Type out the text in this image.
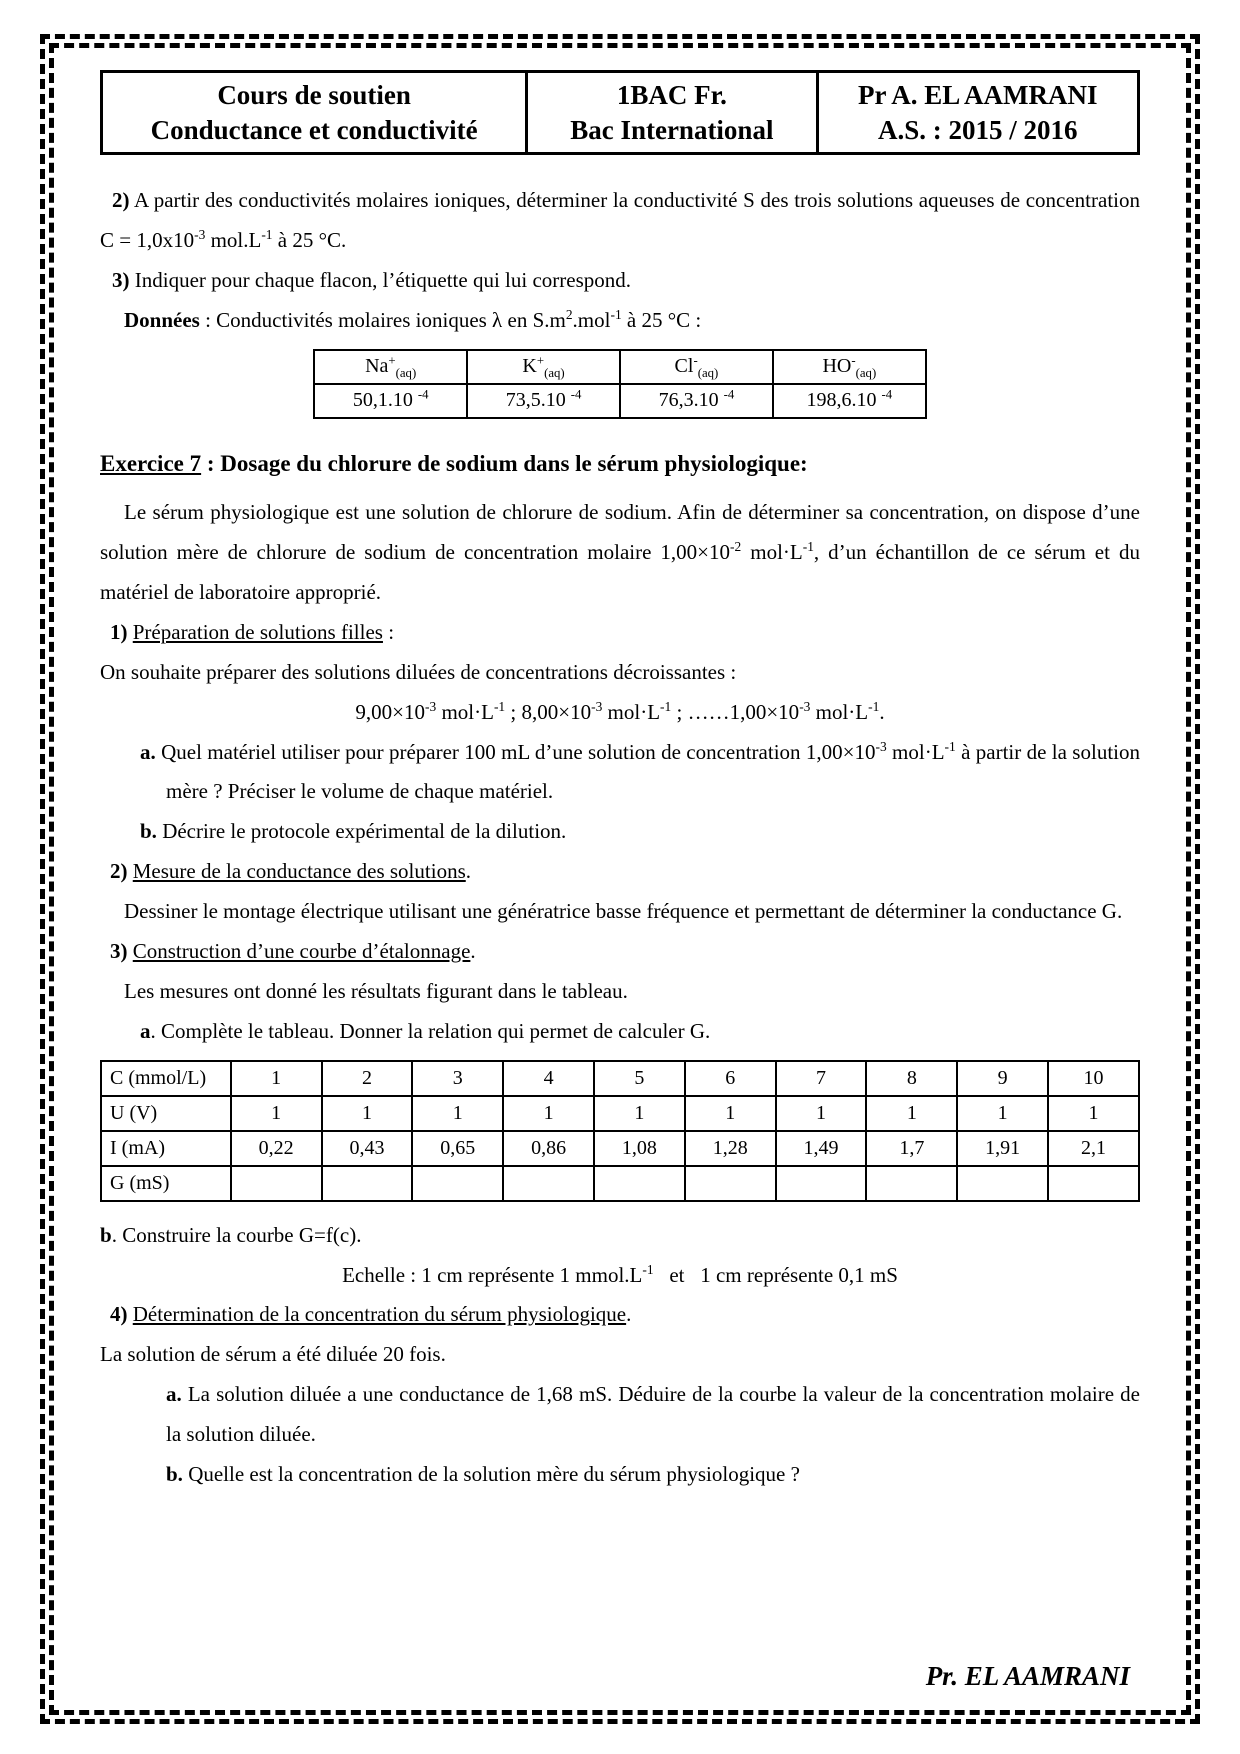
Cours de soutien
Conductance et conductivité

1BAC Fr.
Bac International

Pr A. EL AAMRANI
A.S. : 2015 / 2016

2) A partir des conductivités molaires ioniques, déterminer la conductivité S des trois solutions aqueuses de concentration $C = 1,0x10^{-3}$ $mol.L^{-1}$ à 25 °C.

3) Indiquer pour chaque flacon, l’étiquette qui lui correspond.

Données : Conductivités molaires ioniques λ en $S.m^2.mol^{-1}$ à 25 °C :

$Na^+_{(aq)}$	$K^+_{(aq)}$	$Cl^-_{(aq)}$	$HO^-_{(aq)}$
50,1.10 $^{-4}$	73,5.10 $^{-4}$	76,3.10 $^{-4}$	198,6.10 $^{-4}$

Exercice 7 : Dosage du chlorure de sodium dans le sérum physiologique:

Le sérum physiologique est une solution de chlorure de sodium. Afin de déterminer sa concentration, on dispose d’une solution mère de chlorure de sodium de concentration molaire $1,00\times 10^{-2}$ $mol\cdot L^{-1}$, d’un échantillon de ce sérum et du matériel de laboratoire approprié.

1) Préparation de solutions filles :

On souhaite préparer des solutions diluées de concentrations décroissantes :

$9,00\times 10^{-3}$ $mol\cdot L^{-1}$ ; $8,00\times 10^{-3}$ $mol\cdot L^{-1}$ ; $\dots\dots 1,00\times 10^{-3}$ $mol\cdot L^{-1}$.

a. Quel matériel utiliser pour préparer 100 mL d’une solution de concentration $1,00\times 10^{-3}$ $mol\cdot L^{-1}$ à partir de la solution mère ? Préciser le volume de chaque matériel.

b. Décrire le protocole expérimental de la dilution.

2) Mesure de la conductance des solutions.

Dessiner le montage électrique utilisant une génératrice basse fréquence et permettant de déterminer la conductance G.

3) Construction d’une courbe d’étalonnage.

Les mesures ont donné les résultats figurant dans le tableau.

a. Complète le tableau. Donner la relation qui permet de calculer G.

C (mmol/L)	1	2	3	4	5	6	7	8	9	10
U (V)	1	1	1	1	1	1	1	1	1	1
I (mA)	0,22	0,43	0,65	0,86	1,08	1,28	1,49	1,7	1,91	2,1
G (mS)										

b. Construire la courbe G=f(c).

Echelle : 1 cm représente 1 $mmol.L^{-1}$   et   1 cm représente 0,1 mS

4) Détermination de la concentration du sérum physiologique.

La solution de sérum a été diluée 20 fois.

a. La solution diluée a une conductance de 1,68 mS. Déduire de la courbe la valeur de la concentration molaire de la solution diluée.

b. Quelle est la concentration de la solution mère du sérum physiologique ?

Pr. EL AAMRANI
